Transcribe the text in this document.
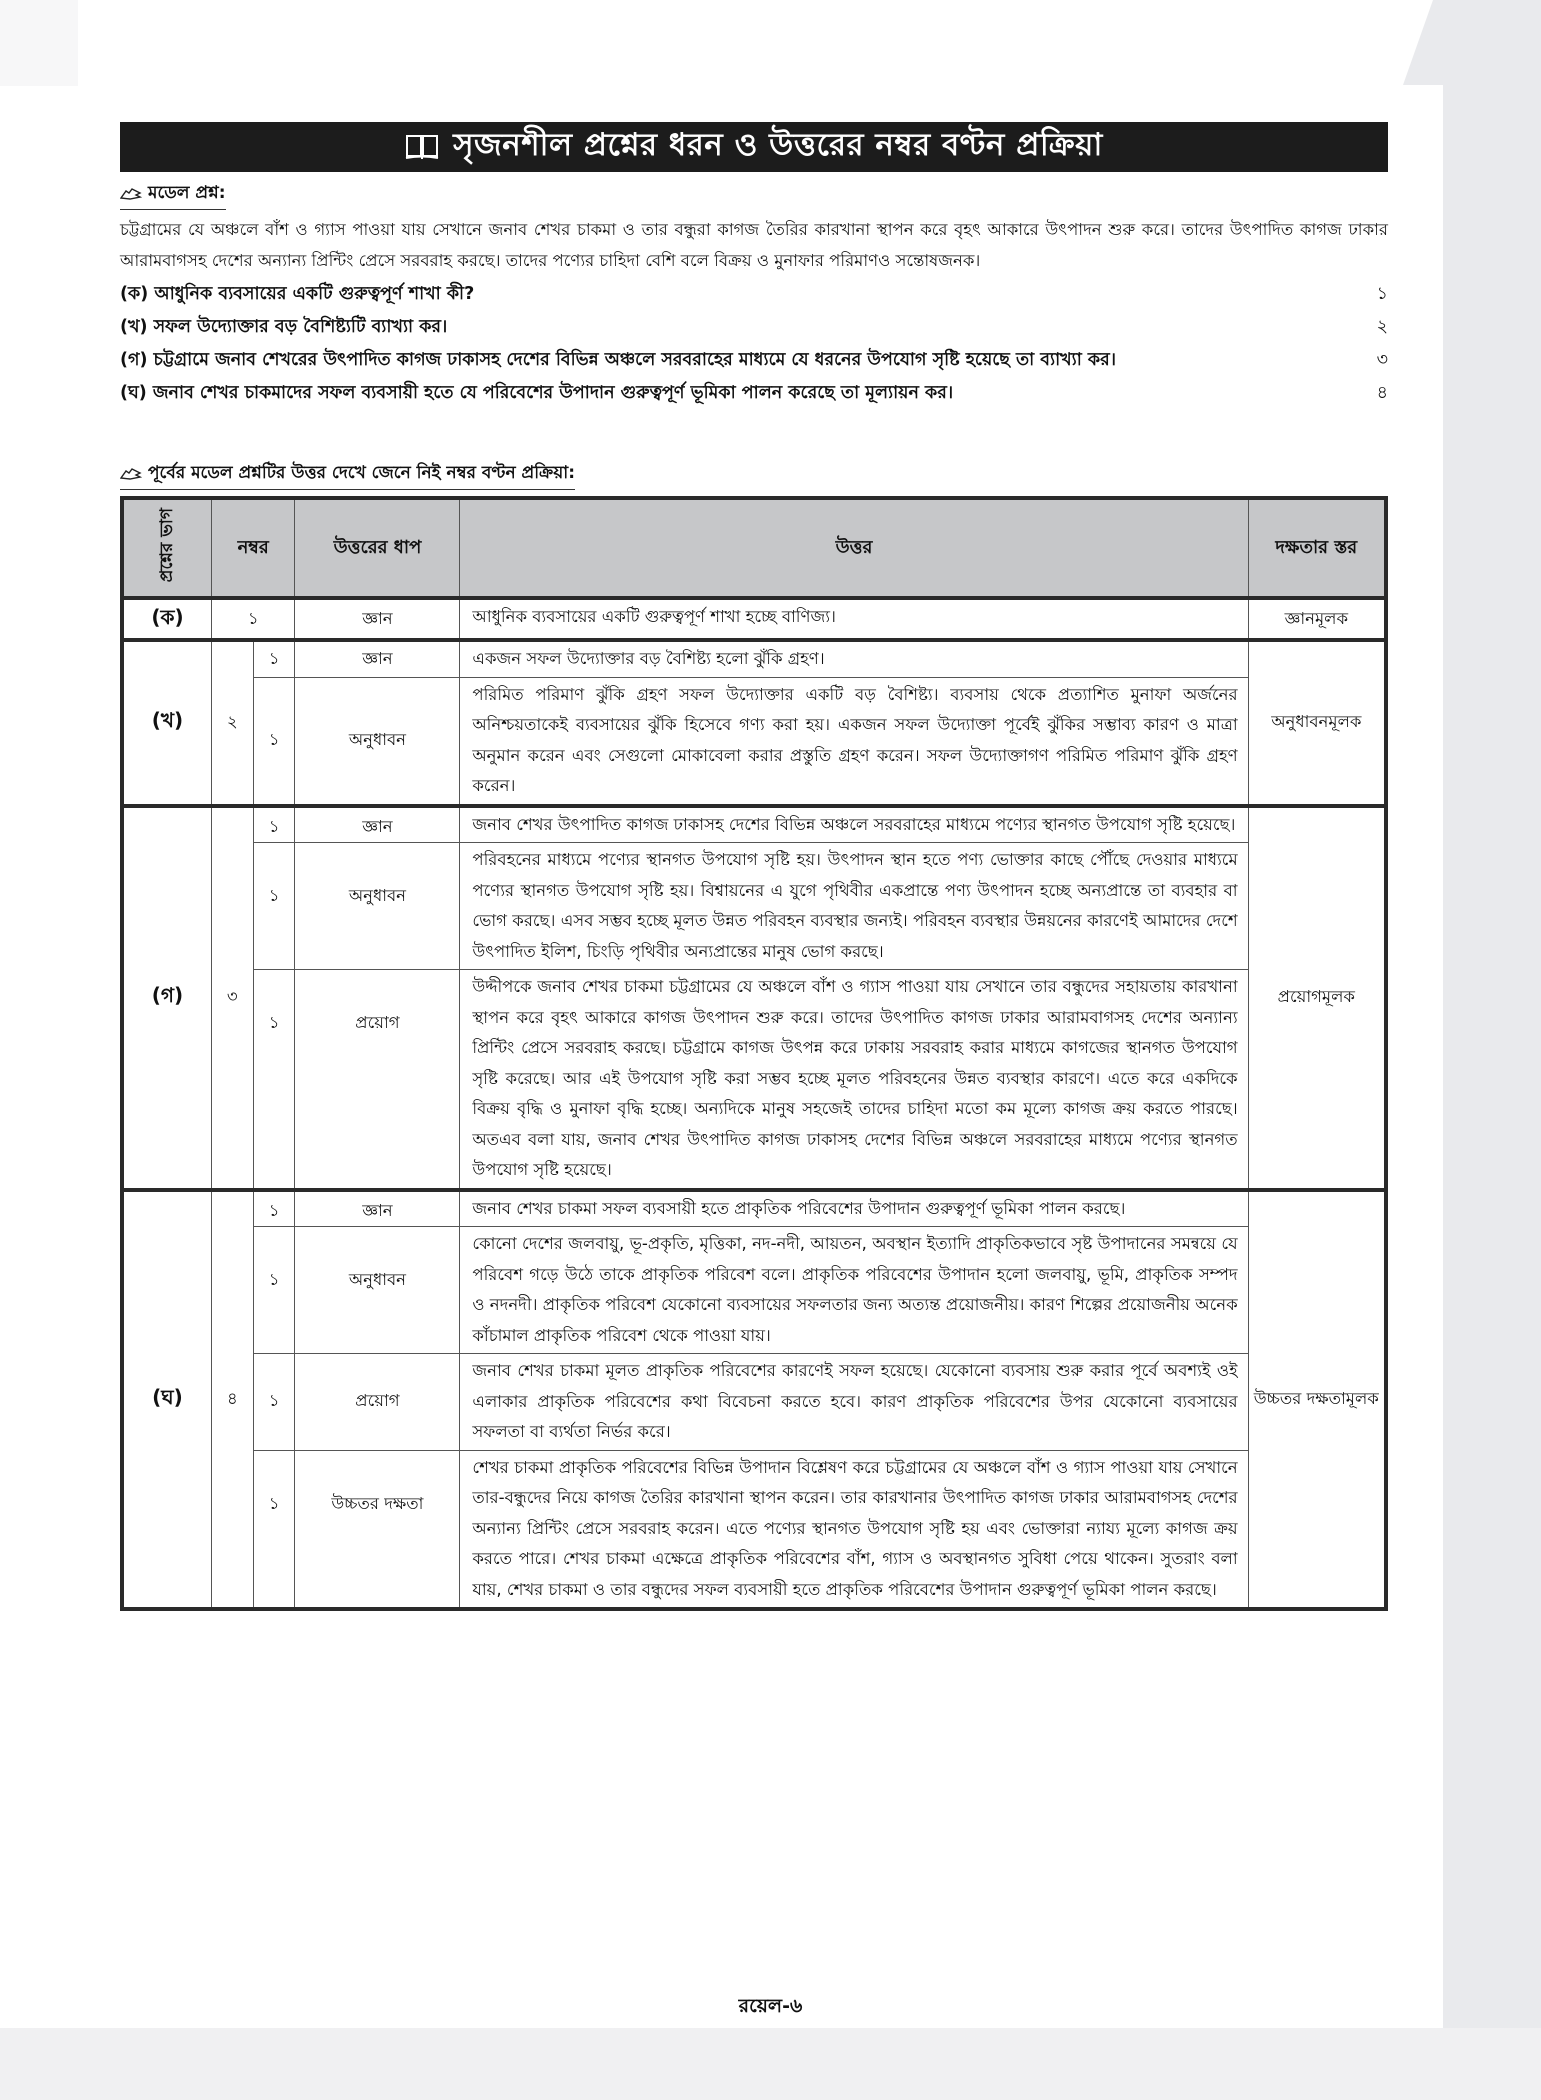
সৃজনশীল প্রশ্নের ধরন ও উত্তরের নম্বর বণ্টন প্রক্রিয়া
মডেল প্রশ্ন:

চট্টগ্রামের যে অঞ্চলে বাঁশ ও গ্যাস পাওয়া যায় সেখানে জনাব শেখর চাকমা ও তার বন্ধুরা কাগজ তৈরির কারখানা স্থাপন করে বৃহৎ আকারে উৎপাদন শুরু করে। তাদের উৎপাদিত কাগজ ঢাকার আরামবাগসহ দেশের অন্যান্য প্রিন্টিং প্রেসে সরবরাহ করছে। তাদের পণ্যের চাহিদা বেশি বলে বিক্রয় ও মুনাফার পরিমাণও সন্তোষজনক।

(ক) আধুনিক ব্যবসায়ের একটি গুরুত্বপূর্ণ শাখা কী?	১
(খ) সফল উদ্যোক্তার বড় বৈশিষ্ট্যটি ব্যাখ্যা কর।	২
(গ) চট্টগ্রামে জনাব শেখরের উৎপাদিত কাগজ ঢাকাসহ দেশের বিভিন্ন অঞ্চলে সরবরাহের মাধ্যমে যে ধরনের উপযোগ সৃষ্টি হয়েছে তা ব্যাখ্যা কর।	৩
(ঘ) জনাব শেখর চাকমাদের সফল ব্যবসায়ী হতে যে পরিবেশের উপাদান গুরুত্বপূর্ণ ভূমিকা পালন করেছে তা মূল্যায়ন কর।	৪
পূর্বের মডেল প্রশ্নটির উত্তর দেখে জেনে নিই নম্বর বণ্টন প্রক্রিয়া:
প্রশ্নের ভাগ	নম্বর		উত্তরের ধাপ	উত্তর	দক্ষতার স্তর
(ক)	১		জ্ঞান	আধুনিক ব্যবসায়ের একটি গুরুত্বপূর্ণ শাখা হচ্ছে বাণিজ্য।	জ্ঞানমূলক
(খ)	২	১	জ্ঞান	একজন সফল উদ্যোক্তার বড় বৈশিষ্ট্য হলো ঝুঁকি গ্রহণ।	অনুধাবনমূলক
		১	অনুধাবন	পরিমিত পরিমাণ ঝুঁকি গ্রহণ সফল উদ্যোক্তার একটি বড় বৈশিষ্ট্য। ব্যবসায় থেকে প্রত্যাশিত মুনাফা অর্জনের অনিশ্চয়তাকেই ব্যবসায়ের ঝুঁকি হিসেবে গণ্য করা হয়। একজন সফল উদ্যোক্তা পূর্বেই ঝুঁকির সম্ভাব্য কারণ ও মাত্রা অনুমান করেন এবং সেগুলো মোকাবেলা করার প্রস্তুতি গ্রহণ করেন। সফল উদ্যোক্তাগণ পরিমিত পরিমাণ ঝুঁকি গ্রহণ করেন।	
(গ)	৩	১	জ্ঞান	জনাব শেখর উৎপাদিত কাগজ ঢাকাসহ দেশের বিভিন্ন অঞ্চলে সরবরাহের মাধ্যমে পণ্যের স্থানগত উপযোগ সৃষ্টি হয়েছে।	প্রয়োগমূলক
		১	অনুধাবন	পরিবহনের মাধ্যমে পণ্যের স্থানগত উপযোগ সৃষ্টি হয়। উৎপাদন স্থান হতে পণ্য ভোক্তার কাছে পৌঁছে দেওয়ার মাধ্যমে পণ্যের স্থানগত উপযোগ সৃষ্টি হয়। বিশ্বায়নের এ যুগে পৃথিবীর একপ্রান্তে পণ্য উৎপাদন হচ্ছে অন্যপ্রান্তে তা ব্যবহার বা ভোগ করছে। এসব সম্ভব হচ্ছে মূলত উন্নত পরিবহন ব্যবস্থার জন্যই। পরিবহন ব্যবস্থার উন্নয়নের কারণেই আমাদের দেশে উৎপাদিত ইলিশ, চিংড়ি পৃথিবীর অন্যপ্রান্তের মানুষ ভোগ করছে।	
		১	প্রয়োগ	উদ্দীপকে জনাব শেখর চাকমা চট্টগ্রামের যে অঞ্চলে বাঁশ ও গ্যাস পাওয়া যায় সেখানে তার বন্ধুদের সহায়তায় কারখানা স্থাপন করে বৃহৎ আকারে কাগজ উৎপাদন শুরু করে। তাদের উৎপাদিত কাগজ ঢাকার আরামবাগসহ দেশের অন্যান্য প্রিন্টিং প্রেসে সরবরাহ করছে। চট্টগ্রামে কাগজ উৎপন্ন করে ঢাকায় সরবরাহ করার মাধ্যমে কাগজের স্থানগত উপযোগ সৃষ্টি করেছে। আর এই উপযোগ সৃষ্টি করা সম্ভব হচ্ছে মূলত পরিবহনের উন্নত ব্যবস্থার কারণে। এতে করে একদিকে বিক্রয় বৃদ্ধি ও মুনাফা বৃদ্ধি হচ্ছে। অন্যদিকে মানুষ সহজেই তাদের চাহিদা মতো কম মূল্যে কাগজ ক্রয় করতে পারছে। অতএব বলা যায়, জনাব শেখর উৎপাদিত কাগজ ঢাকাসহ দেশের বিভিন্ন অঞ্চলে সরবরাহের মাধ্যমে পণ্যের স্থানগত উপযোগ সৃষ্টি হয়েছে।	
(ঘ)	৪	১	জ্ঞান	জনাব শেখর চাকমা সফল ব্যবসায়ী হতে প্রাকৃতিক পরিবেশের উপাদান গুরুত্বপূর্ণ ভূমিকা পালন করছে।	উচ্চতর দক্ষতামূলক
		১	অনুধাবন	কোনো দেশের জলবায়ু, ভূ-প্রকৃতি, মৃত্তিকা, নদ-নদী, আয়তন, অবস্থান ইত্যাদি প্রাকৃতিকভাবে সৃষ্ট উপাদানের সমন্বয়ে যে পরিবেশ গড়ে উঠে তাকে প্রাকৃতিক পরিবেশ বলে। প্রাকৃতিক পরিবেশের উপাদান হলো জলবায়ু, ভূমি, প্রাকৃতিক সম্পদ ও নদনদী। প্রাকৃতিক পরিবেশ যেকোনো ব্যবসায়ের সফলতার জন্য অত্যন্ত প্রয়োজনীয়। কারণ শিল্পের প্রয়োজনীয় অনেক কাঁচামাল প্রাকৃতিক পরিবেশ থেকে পাওয়া যায়।	
		১	প্রয়োগ	জনাব শেখর চাকমা মূলত প্রাকৃতিক পরিবেশের কারণেই সফল হয়েছে। যেকোনো ব্যবসায় শুরু করার পূর্বে অবশ্যই ওই এলাকার প্রাকৃতিক পরিবেশের কথা বিবেচনা করতে হবে। কারণ প্রাকৃতিক পরিবেশের উপর যেকোনো ব্যবসায়ের সফলতা বা ব্যর্থতা নির্ভর করে।	
		১	উচ্চতর দক্ষতা	শেখর চাকমা প্রাকৃতিক পরিবেশের বিভিন্ন উপাদান বিশ্লেষণ করে চট্টগ্রামের যে অঞ্চলে বাঁশ ও গ্যাস পাওয়া যায় সেখানে তার-বন্ধুদের নিয়ে কাগজ তৈরির কারখানা স্থাপন করেন। তার কারখানার উৎপাদিত কাগজ ঢাকার আরামবাগসহ দেশের অন্যান্য প্রিন্টিং প্রেসে সরবরাহ করেন। এতে পণ্যের স্থানগত উপযোগ সৃষ্টি হয় এবং ভোক্তারা ন্যায্য মূল্যে কাগজ ক্রয় করতে পারে। শেখর চাকমা এক্ষেত্রে প্রাকৃতিক পরিবেশের বাঁশ, গ্যাস ও অবস্থানগত সুবিধা পেয়ে থাকেন। সুতরাং বলা যায়, শেখর চাকমা ও তার বন্ধুদের সফল ব্যবসায়ী হতে প্রাকৃতিক পরিবেশের উপাদান গুরুত্বপূর্ণ ভূমিকা পালন করছে।	
রয়েল-৬
